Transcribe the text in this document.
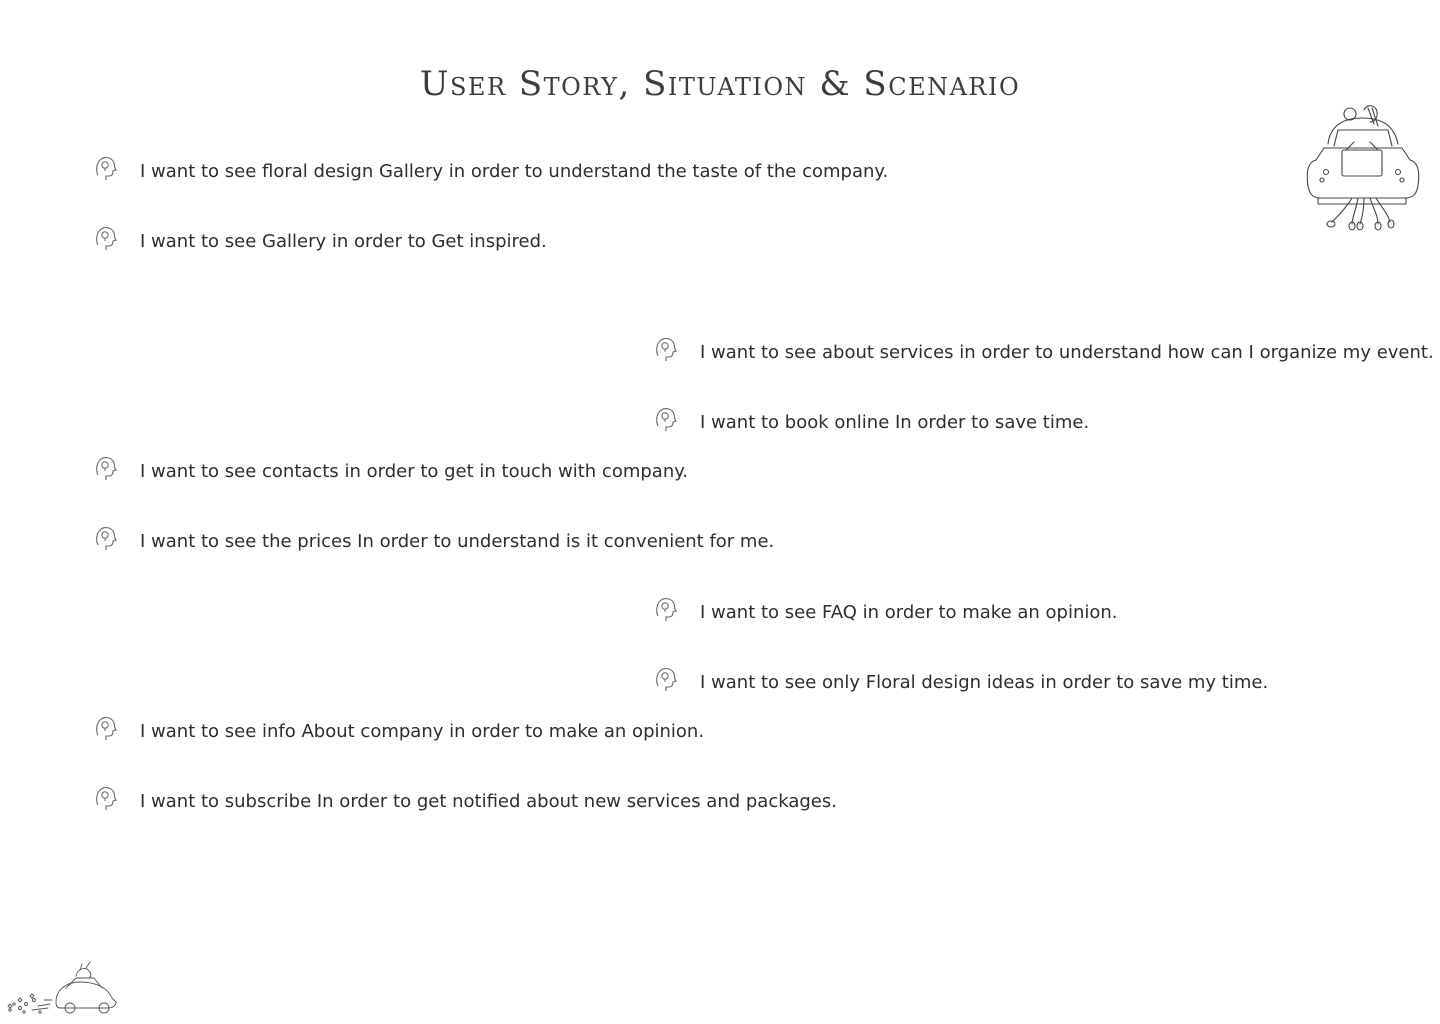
User Story, Situation & Scenario
I want to see floral design Gallery in order to understand the taste of the company.
I want to see Gallery in order to Get inspired.
I want to see about services in order to understand how can I organize my event.
I want to book online In order to save time.
I want to see contacts in order to get in touch with company.
I want to see the prices In order to understand is it convenient for me.
I want to see FAQ in order to make an opinion.
I want to see only Floral design ideas in order to save my time.
I want to see info About company in order to make an opinion.
I want to subscribe In order to get notified about new services and packages.
